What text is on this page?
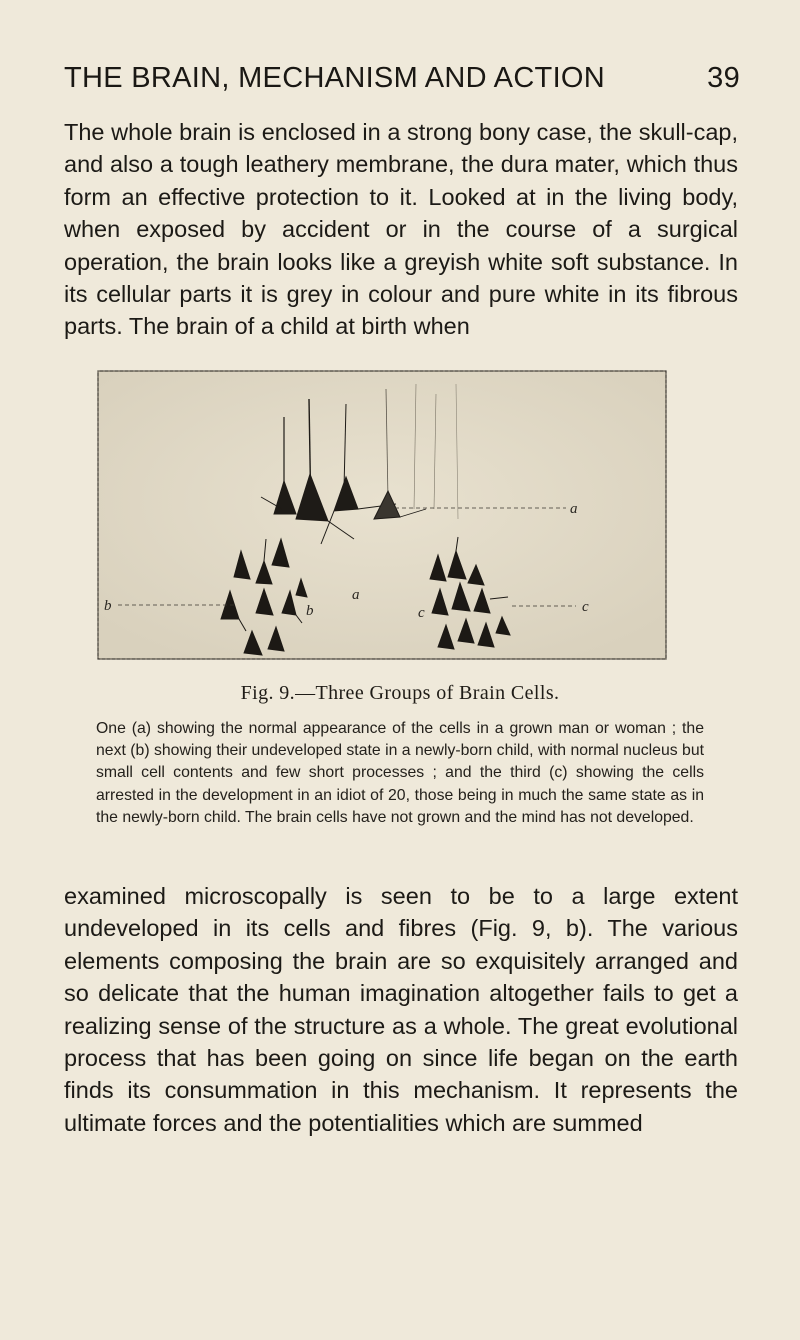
THE BRAIN, MECHANISM AND ACTION	39

The whole brain is enclosed in a strong bony case, the skull-cap, and also a tough leathery membrane, the dura mater, which thus form an effective protection to it. Looked at in the living body, when exposed by accident or in the course of a surgical operation, the brain looks like a greyish white soft substance. In its cellular parts it is grey in colour and pure white in its fibrous parts. The brain of a child at birth when

a
a
b	b	c	c
Fig. 9.—Three Groups of Brain Cells.

One (a) showing the normal appearance of the cells in a grown man or woman ; the next (b) showing their undeveloped state in a newly-born child, with normal nucleus but small cell contents and few short processes ; and the third (c) showing the cells arrested in the development in an idiot of 20, those being in much the same state as in the newly-born child. The brain cells have not grown and the mind has not developed.

examined microscopally is seen to be to a large extent undeveloped in its cells and fibres (Fig. 9, b). The various elements composing the brain are so exquisitely arranged and so delicate that the human imagination altogether fails to get a realizing sense of the structure as a whole. The great evolutional process that has been going on since life began on the earth finds its consummation in this mechanism. It represents the ultimate forces and the potentialities which are summed
